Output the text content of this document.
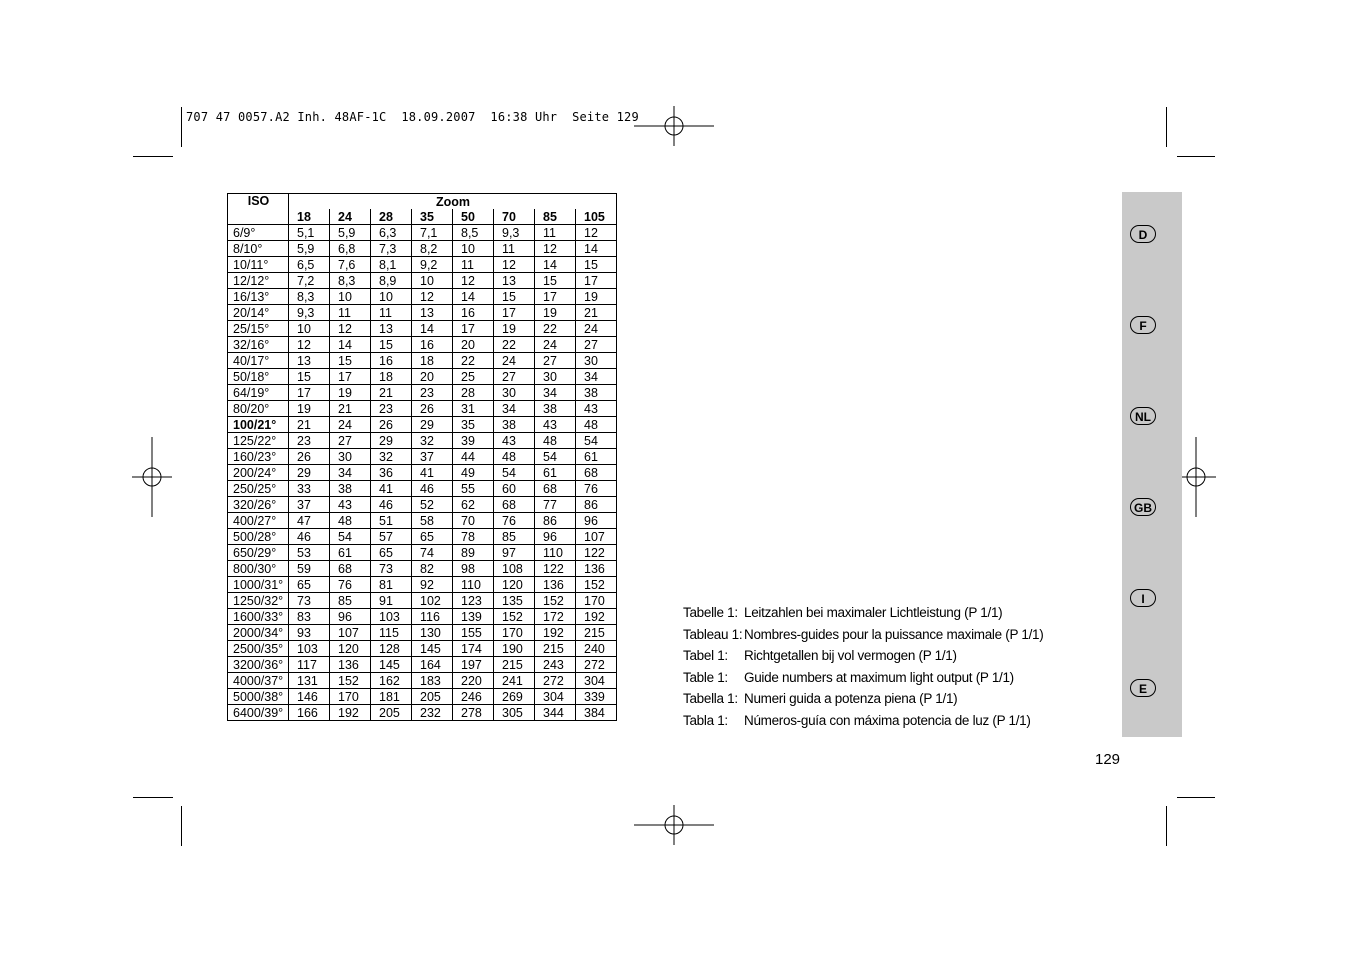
707 47 0057.A2 Inh. 48AF-1C  18.09.2007  16:38 Uhr  Seite 129
ISO	Zoom							
	18	24	28	35	50	70	85	105
6/9°	5,1	5,9	6,3	7,1	8,5	9,3	11	12
8/10°	5,9	6,8	7,3	8,2	10	11	12	14
10/11°	6,5	7,6	8,1	9,2	11	12	14	15
12/12°	7,2	8,3	8,9	10	12	13	15	17
16/13°	8,3	10	10	12	14	15	17	19
20/14°	9,3	11	11	13	16	17	19	21
25/15°	10	12	13	14	17	19	22	24
32/16°	12	14	15	16	20	22	24	27
40/17°	13	15	16	18	22	24	27	30
50/18°	15	17	18	20	25	27	30	34
64/19°	17	19	21	23	28	30	34	38
80/20°	19	21	23	26	31	34	38	43
100/21°	21	24	26	29	35	38	43	48
125/22°	23	27	29	32	39	43	48	54
160/23°	26	30	32	37	44	48	54	61
200/24°	29	34	36	41	49	54	61	68
250/25°	33	38	41	46	55	60	68	76
320/26°	37	43	46	52	62	68	77	86
400/27°	47	48	51	58	70	76	86	96
500/28°	46	54	57	65	78	85	96	107
650/29°	53	61	65	74	89	97	110	122
800/30°	59	68	73	82	98	108	122	136
1000/31°	65	76	81	92	110	120	136	152
1250/32°	73	85	91	102	123	135	152	170
1600/33°	83	96	103	116	139	152	172	192
2000/34°	93	107	115	130	155	170	192	215
2500/35°	103	120	128	145	174	190	215	240
3200/36°	117	136	145	164	197	215	243	272
4000/37°	131	152	162	183	220	241	272	304
5000/38°	146	170	181	205	246	269	304	339
6400/39°	166	192	205	232	278	305	344	384
Tabelle 1: Leitzahlen bei maximaler Lichtleistung (P 1/1)
Tableau 1: Nombres-guides pour la puissance maximale (P 1/1)
Tabel 1:	Richtgetallen bij vol vermogen (P 1/1)
Table 1:	Guide numbers at maximum light output (P 1/1)
Tabella 1: Numeri guida a potenza piena (P 1/1)
Tabla 1:	Números-guía con máxima potencia de luz (P 1/1)
D
F
NL
GB
I
E
129
